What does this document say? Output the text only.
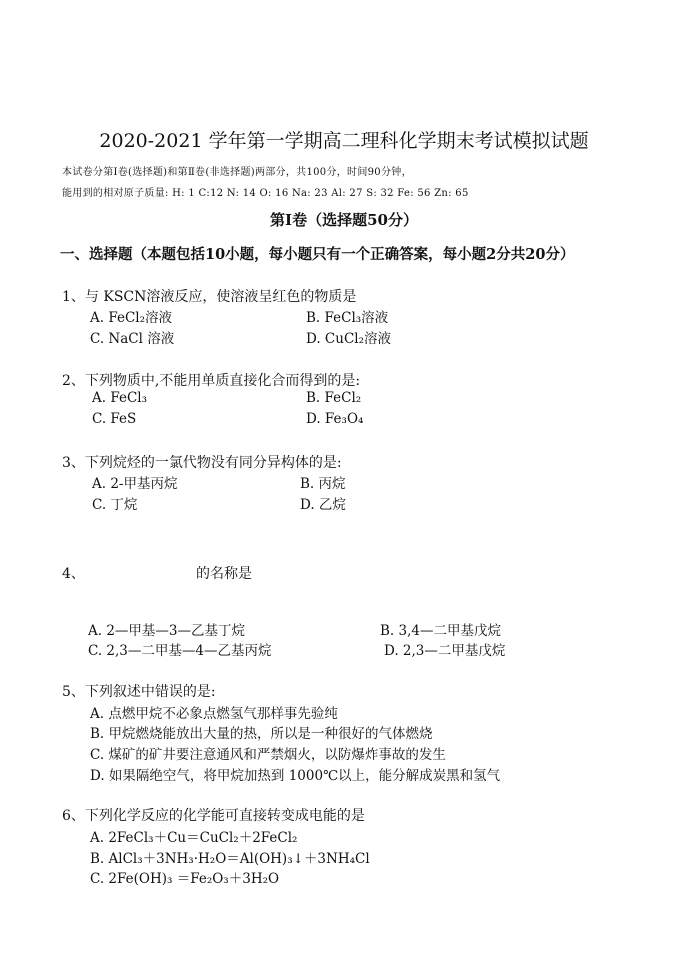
2020-2021 学年第一学期高二理科化学期末考试模拟试题
本试卷分第Ⅰ卷(选择题)和第Ⅱ卷(非选择题)两部分，共100分，时间90分钟，
能用到的相对原子质量: H: 1 C:12 N: 14 O: 16 Na: 23 Al: 27 S: 32 Fe: 56 Zn: 65
第Ⅰ卷（选择题50分）
一、选择题（本题包括10小题，每小题只有一个正确答案，每小题2分共20分）
1、与 KSCN溶液反应，使溶液呈红色的物质是
A. FeCl₂溶液	B. FeCl₃溶液
C. NaCl 溶液	D. CuCl₂溶液
2、下列物质中,不能用单质直接化合而得到的是:
A. FeCl₃	B. FeCl₂
C. FeS	D. Fe₃O₄
3、下列烷烃的一氯代物没有同分异构体的是:
A. 2-甲基丙烷	B. 丙烷
C. 丁烷	D. 乙烷
4、	的名称是
A. 2—甲基—3—乙基丁烷	B. 3,4—二甲基戊烷
C. 2,3—二甲基—4—乙基丙烷	D. 2,3—二甲基戊烷
5、下列叙述中错误的是:
A. 点燃甲烷不必象点燃氢气那样事先验纯
B. 甲烷燃烧能放出大量的热，所以是一种很好的气体燃烧
C. 煤矿的矿井要注意通风和严禁烟火，以防爆炸事故的发生
D. 如果隔绝空气，将甲烷加热到 1000℃以上，能分解成炭黑和氢气
6、下列化学反应的化学能可直接转变成电能的是
A. 2FeCl₃＋Cu＝CuCl₂＋2FeCl₂
B. AlCl₃＋3NH₃·H₂O＝Al(OH)₃↓＋3NH₄Cl
C. 2Fe(OH)₃ ＝Fe₂O₃＋3H₂O
